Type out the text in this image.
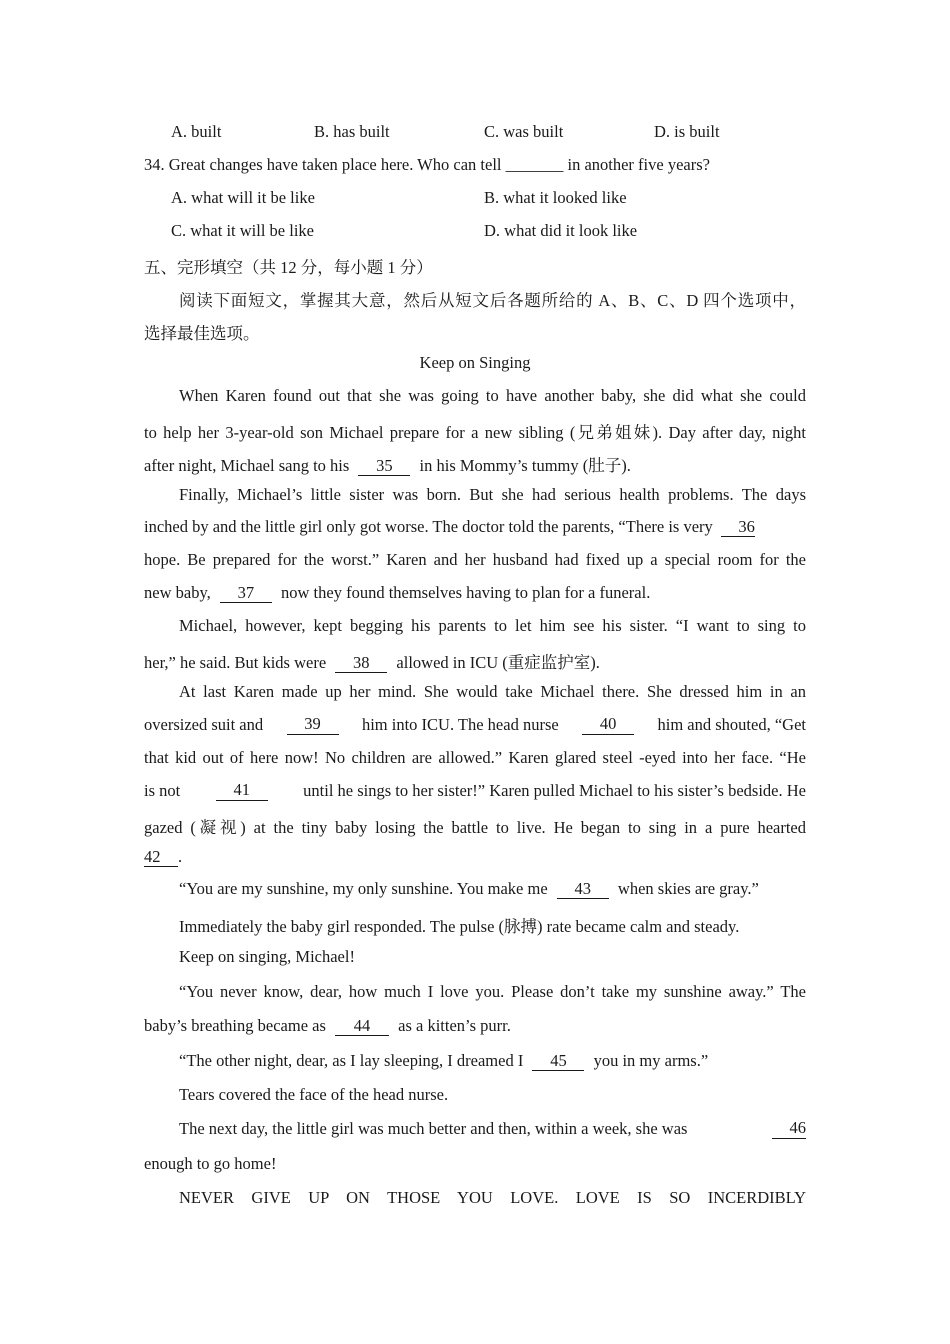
A. built	B. has built	C. was built	D. is built
34. Great changes have taken place here. Who can tell _______ in another five years?
A. what will it be like	B. what it looked like
C. what it will be like	D. what did it look like
五、完形填空（共 12 分，每小题 1 分）
阅读下面短文，掌握其大意，然后从短文后各题所给的 A、B、C、D 四个选项中，
选择最佳选项。
Keep on Singing
When Karen found out that she was going to have another baby, she did what she could
to help her 3-year-old son Michael prepare for a new sibling (兄弟姐妹). Day after day, night
after night, Michael sang to his 35 in his Mommy’s tummy (肚子).
Finally, Michael’s little sister was born. But she had serious health problems. The days
inched by and the little girl only got worse. The doctor told the parents, “There is very 36
hope. Be prepared for the worst.” Karen and her husband had fixed up a special room for the
new baby, 37 now they found themselves having to plan for a funeral.
Michael, however, kept begging his parents to let him see his sister. “I want to sing to
her,” he said. But kids were 38 allowed in ICU (重症监护室).
At last Karen made up her mind. She would take Michael there. She dressed him in an
oversized suit and	39	him into ICU. The head nurse	40	him and shouted, “Get
that kid out of here now! No children are allowed.” Karen glared steel -eyed into her face. “He
is not	41	until he sings to her sister!” Karen pulled Michael to his sister’s bedside. He
gazed (凝视) at the tiny baby losing the battle to live. He began to sing in a pure hearted
42 .
“You are my sunshine, my only sunshine. You make me 43 when skies are gray.”
Immediately the baby girl responded. The pulse (脉搏) rate became calm and steady.
Keep on singing, Michael!
“You never know, dear, how much I love you. Please don’t take my sunshine away.” The
baby’s breathing became as 44 as a kitten’s purr.
“The other night, dear, as I lay sleeping, I dreamed I 45 you in my arms.”
Tears covered the face of the head nurse.
The next day, the little girl was much better and then, within a week, she was	46
enough to go home!
NEVER GIVE UP ON THOSE YOU LOVE. LOVE IS SO INCERDIBLY
